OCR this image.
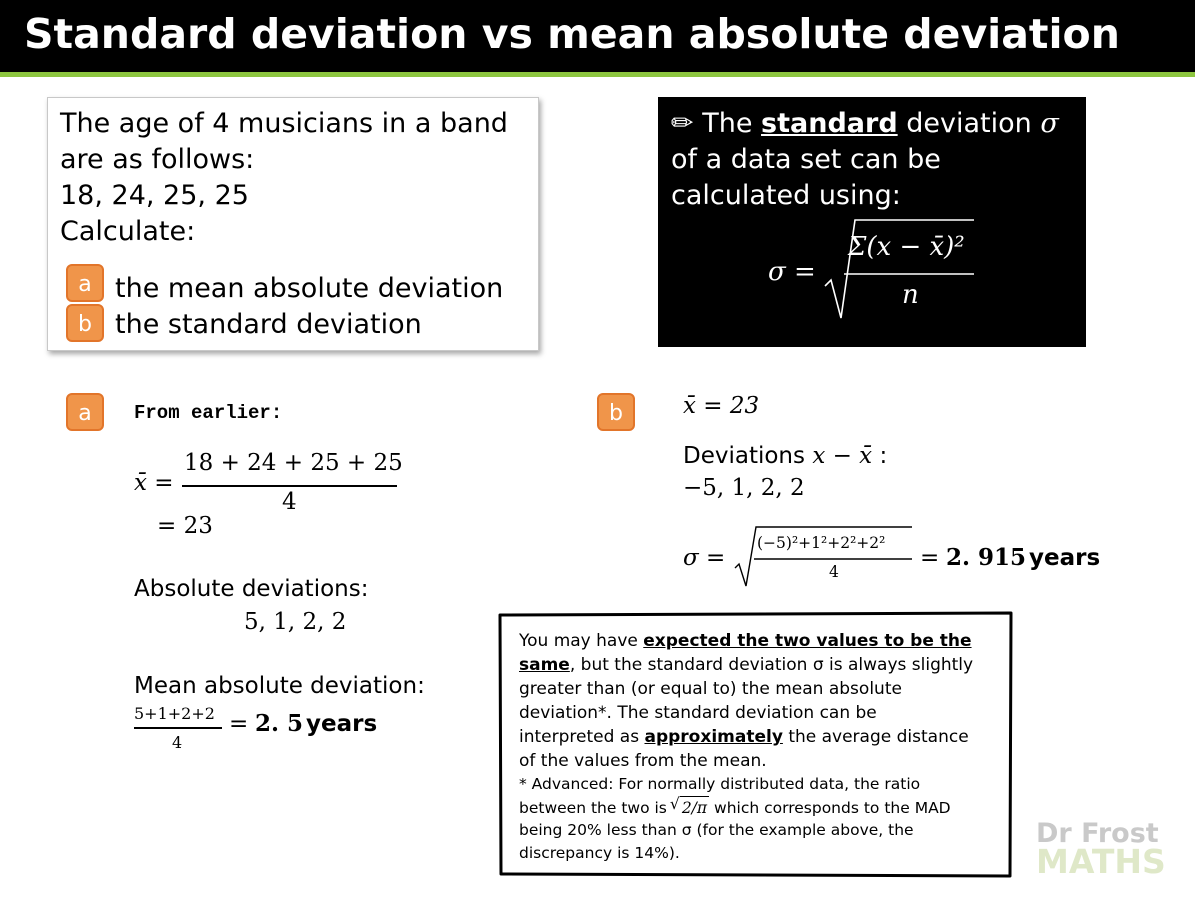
Standard deviation vs mean absolute deviation
The age of 4 musicians in a band
are as follows:
18, 24, 25, 25
Calculate:
a the mean absolute deviation
b the standard deviation
✏ The standard deviation σ
of a data set can be
calculated using:
σ =
Σ(x − x̄)²
n
a	From earlier:
x̄ =
18 + 24 + 25 + 25
4
= 23
Absolute deviations:
5, 1, 2, 2
Mean absolute deviation:
5+1+2+2
4
= 2. 5 years
b	x̄ = 23
Deviations x − x̄ :
−5, 1, 2, 2
σ =
(−5)²+1²+2²+2²
4
= 2. 915 years
You may have expected the two values to be the
same, but the standard deviation σ is always slightly
greater than (or equal to) the mean absolute
deviation*. The standard deviation can be
interpreted as approximately the average distance
of the values from the mean.
* Advanced: For normally distributed data, the ratio
between the two is √ 2/π which corresponds to the MAD
being 20% less than σ (for the example above, the
discrepancy is 14%).
Dr Frost
MATHS
